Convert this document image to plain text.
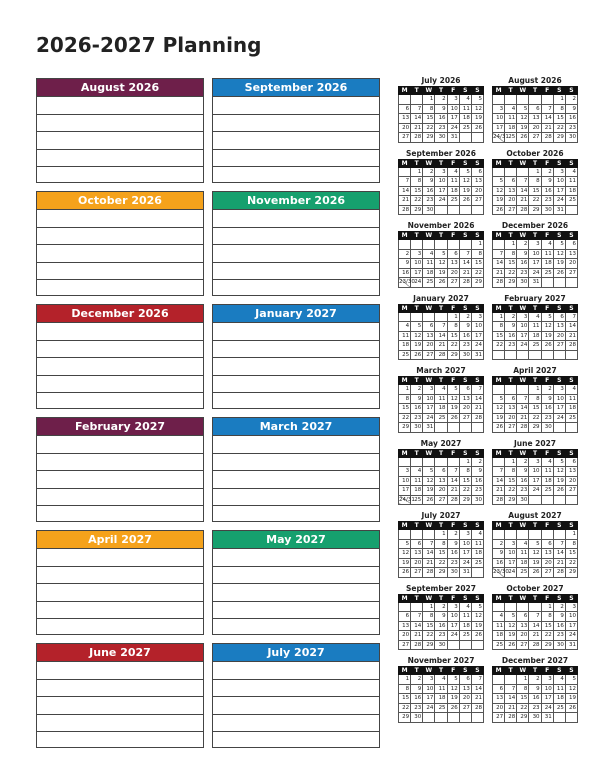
2026-2027 Planning
August 2026	September 2026
October 2026	November 2026
December 2026	January 2027
February 2027	March 2027
April 2027	May 2027
June 2027	July 2027
July 2026
M	T	W	T	F	S	S
		1	2	3	4	5
6	7	8	9	10	11	12
13	14	15	16	17	18	19
20	21	22	23	24	25	26
27	28	29	30	31		
August 2026
M	T	W	T	F	S	S
					1	2
3	4	5	6	7	8	9
10	11	12	13	14	15	16
17	18	19	20	21	22	23
24/31	25	26	27	28	29	30
September 2026
M	T	W	T	F	S	S
	1	2	3	4	5	6
7	8	9	10	11	12	13
14	15	16	17	18	19	20
21	22	23	24	25	26	27
28	29	30				
October 2026
M	T	W	T	F	S	S
			1	2	3	4
5	6	7	8	9	10	11
12	13	14	15	16	17	18
19	20	21	22	23	24	25
26	27	28	29	30	31	
November 2026
M	T	W	T	F	S	S
						1
2	3	4	5	6	7	8
9	10	11	12	13	14	15
16	17	18	19	20	21	22
23/30	24	25	26	27	28	29
December 2026
M	T	W	T	F	S	S
	1	2	3	4	5	6
7	8	9	10	11	12	13
14	15	16	17	18	19	20
21	22	23	24	25	26	27
28	29	30	31			
January 2027
M	T	W	T	F	S	S
				1	2	3
4	5	6	7	8	9	10
11	12	13	14	15	16	17
18	19	20	21	22	23	24
25	26	27	28	29	30	31
February 2027
M	T	W	T	F	S	S
1	2	3	4	5	6	7
8	9	10	11	12	13	14
15	16	17	18	19	20	21
22	23	24	25	26	27	28

March 2027
M	T	W	T	F	S	S
1	2	3	4	5	6	7
8	9	10	11	12	13	14
15	16	17	18	19	20	21
22	23	24	25	26	27	28
29	30	31				
April 2027
M	T	W	T	F	S	S
			1	2	3	4
5	6	7	8	9	10	11
12	13	14	15	16	17	18
19	20	21	22	23	24	25
26	27	28	29	30		
May 2027
M	T	W	T	F	S	S
					1	2
3	4	5	6	7	8	9
10	11	12	13	14	15	16
17	18	19	20	21	22	23
24/31	25	26	27	28	29	30
June 2027
M	T	W	T	F	S	S
	1	2	3	4	5	6
7	8	9	10	11	12	13
14	15	16	17	18	19	20
21	22	23	24	25	26	27
28	29	30				
July 2027
M	T	W	T	F	S	S
			1	2	3	4
5	6	7	8	9	10	11
12	13	14	15	16	17	18
19	20	21	22	23	24	25
26	27	28	29	30	31	
August 2027
M	T	W	T	F	S	S
						1
2	3	4	5	6	7	8
9	10	11	12	13	14	15
16	17	18	19	20	21	22
23/30	24	25	26	27	28	29
September 2027
M	T	W	T	F	S	S
		1	2	3	4	5
6	7	8	9	10	11	12
13	14	15	16	17	18	19
20	21	22	23	24	25	26
27	28	29	30			
October 2027
M	T	W	T	F	S	S
				1	2	3
4	5	6	7	8	9	10
11	12	13	14	15	16	17
18	19	20	21	22	23	24
25	26	27	28	29	30	31
November 2027
M	T	W	T	F	S	S
1	2	3	4	5	6	7
8	9	10	11	12	13	14
15	16	17	18	19	20	21
22	23	24	25	26	27	28
29	30					
December 2027
M	T	W	T	F	S	S
		1	2	3	4	5
6	7	8	9	10	11	12
13	14	15	16	17	18	19
20	21	22	23	24	25	26
27	28	29	30	31		
